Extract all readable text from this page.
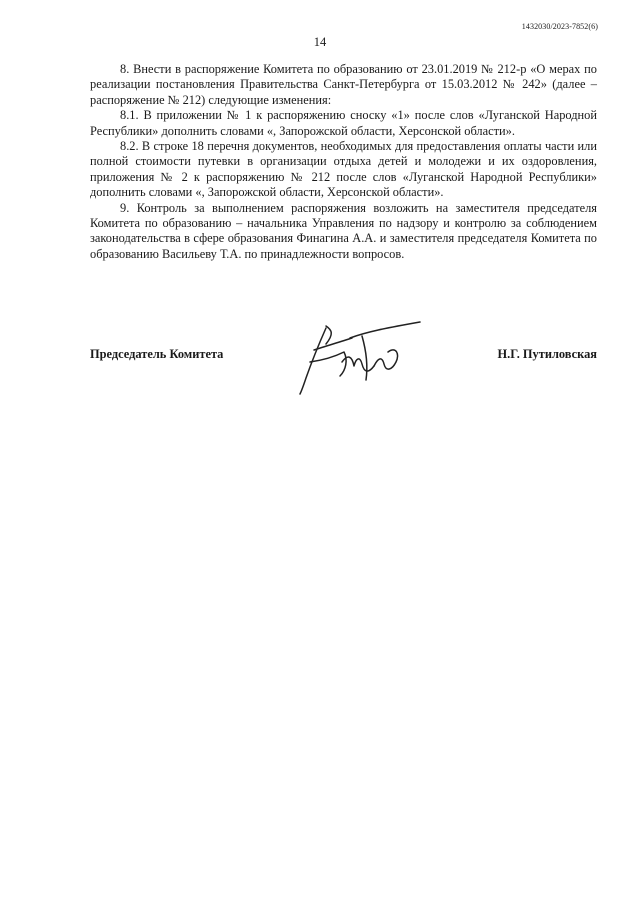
1432030/2023-7852(6)
14

8. Внести в распоряжение Комитета по образованию от 23.01.2019 № 212-р «О мерах по реализации постановления Правительства Санкт-Петербурга от 15.03.2012 № 242» (далее – распоряжение № 212) следующие изменения:

8.1. В приложении № 1 к распоряжению сноску «1» после слов «Луганской Народной Республики» дополнить словами «, Запорожской области, Херсонской области».

8.2. В строке 18 перечня документов, необходимых для предоставления оплаты части или полной стоимости путевки в организации отдыха детей и молодежи и их оздоровления, приложения № 2 к распоряжению № 212 после слов «Луганской Народной Республики» дополнить словами «, Запорожской области, Херсонской области».

9. Контроль за выполнением распоряжения возложить на заместителя председателя Комитета по образованию – начальника Управления по надзору и контролю за соблюдением законодательства в сфере образования Финагина А.А. и заместителя председателя Комитета по образованию Васильеву Т.А. по принадлежности вопросов.

Председатель Комитета	Н.Г. Путиловская
